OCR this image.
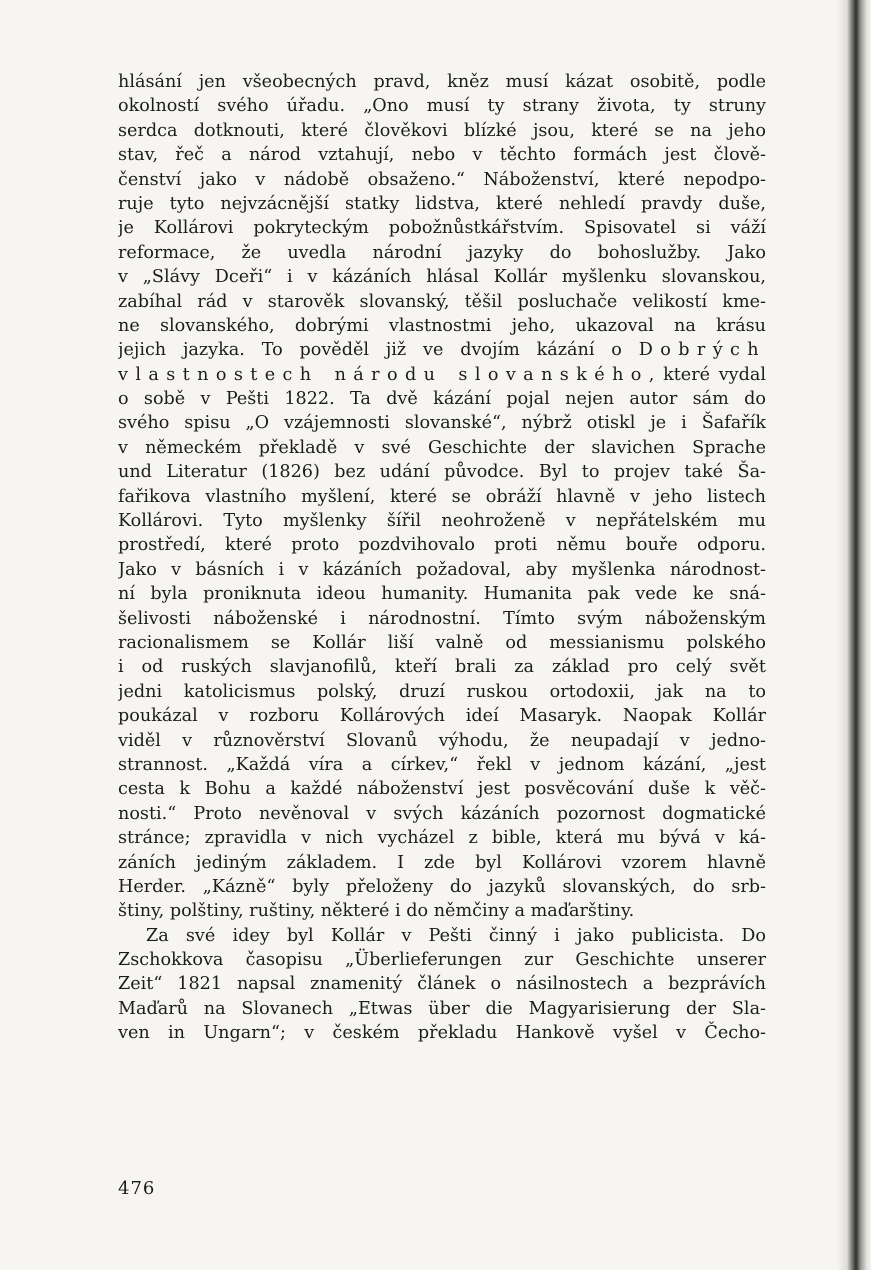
hlásání jen všeobecných pravd, kněz musí kázat osobitě, podle
okolností svého úřadu. „Ono musí ty strany života, ty struny
serdca dotknouti, které člověkovi blízké jsou, které se na jeho
stav, řeč a národ vztahují, nebo v těchto formách jest člově-
čenství jako v nádobě obsaženo.“ Náboženství, které nepodpo-
ruje tyto nejvzácnější statky lidstva, které nehledí pravdy duše,
je Kollárovi pokryteckým pobožnůstkářstvím. Spisovatel si váží
reformace, že uvedla národní jazyky do bohoslužby. Jako
v „Slávy Dceři“ i v kázáních hlásal Kollár myšlenku slovanskou,
zabíhal rád v starověk slovanský, těšil posluchače velikostí kme-
ne slovanského, dobrými vlastnostmi jeho, ukazoval na krásu
jejich jazyka. To pověděl již ve dvojím kázání o Dobrých
vlastnostech národu slovanského, které vydal
o sobě v Pešti 1822. Ta dvě kázání pojal nejen autor sám do
svého spisu „O vzájemnosti slovanské“, nýbrž otiskl je i Šafařík
v německém překladě v své Geschichte der slavichen Sprache
und Literatur (1826) bez udání původce. Byl to projev také Ša-
fařikova vlastního myšlení, které se obráží hlavně v jeho listech
Kollárovi. Tyto myšlenky šířil neohroženě v nepřátelském mu
prostředí, které proto pozdvihovalo proti němu bouře odporu.
Jako v básních i v kázáních požadoval, aby myšlenka národnost-
ní byla proniknuta ideou humanity. Humanita pak vede ke sná-
šelivosti náboženské i národnostní. Tímto svým náboženským
racionalismem se Kollár liší valně od messianismu polského
i od ruských slavjanofilů, kteří brali za základ pro celý svět
jedni katolicismus polský, druzí ruskou ortodoxii, jak na to
poukázal v rozboru Kollárových ideí Masaryk. Naopak Kollár
viděl v různověrství Slovanů výhodu, že neupadají v jedno-
strannost. „Každá víra a církev,“ řekl v jednom kázání, „jest
cesta k Bohu a každé náboženství jest posvěcování duše k věč-
nosti.“ Proto nevěnoval v svých kázáních pozornost dogmatické
stránce; zpravidla v nich vycházel z bible, která mu bývá v ká-
záních jediným základem. I zde byl Kollárovi vzorem hlavně
Herder. „Kázně“ byly přeloženy do jazyků slovanských, do srb-
štiny, polštiny, ruštiny, některé i do němčiny a maďarštiny.
Za své idey byl Kollár v Pešti činný i jako publicista. Do
Zschokkova časopisu „Überlieferungen zur Geschichte unserer
Zeit“ 1821 napsal znamenitý článek o násilnostech a bezprávích
Maďarů na Slovanech „Etwas über die Magyarisierung der Sla-
ven in Ungarn“; v českém překladu Hankově vyšel v Čecho-
476
